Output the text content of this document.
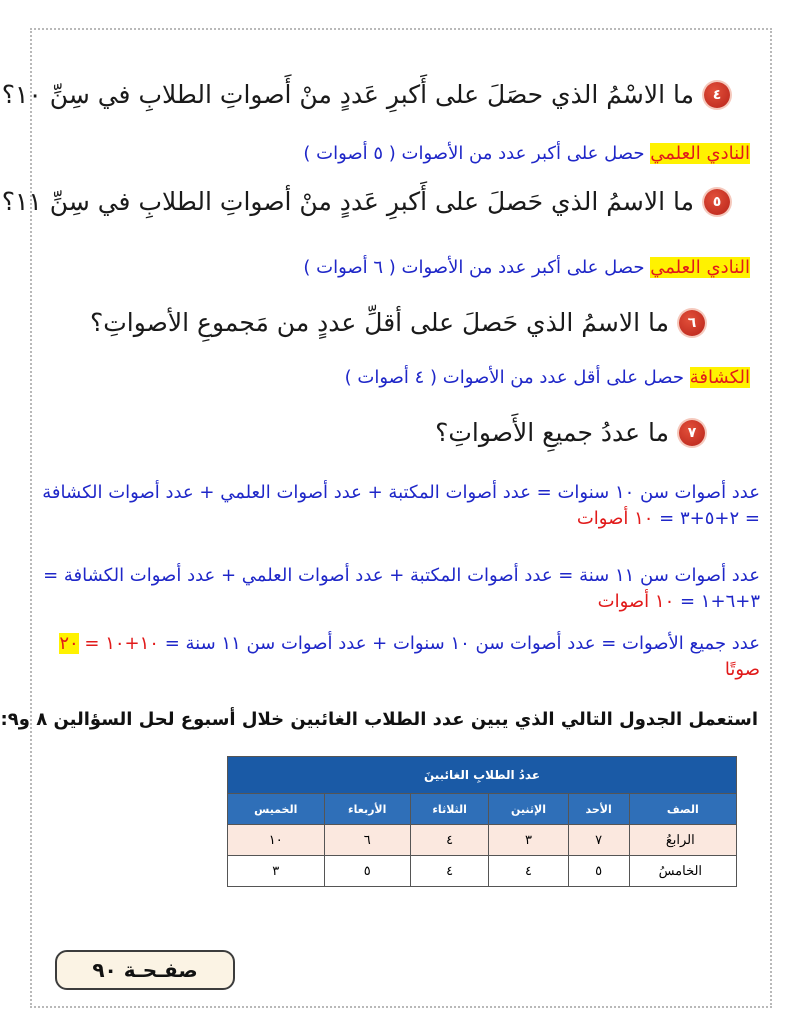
٤
ما الاسْمُ الذي حصَلَ على أَكبرِ عَددٍ منْ أَصواتِ الطلابِ في سِنِّ ١٠؟
النادي العلمي حصل على أكبر عدد من الأصوات ( ٥ أصوات )
٥
ما الاسمُ الذي حَصلَ على أَكبرِ عَددٍ منْ أصواتِ الطلابِ في سِنِّ ١١؟
النادي العلمي حصل على أكبر عدد من الأصوات ( ٦ أصوات )
٦
ما الاسمُ الذي حَصلَ على أقلِّ عددٍ من مَجموعِ الأصواتِ؟
الكشافة حصل على أقل عدد من الأصوات ( ٤ أصوات )
٧
ما عددُ جميعِ الأَصواتِ؟
عدد أصوات سن ١٠ سنوات = عدد أصوات المكتبة + عدد أصوات العلمي + عدد أصوات الكشافة = ٢+٥+٣ = ١٠ أصوات
عدد أصوات سن ١١ سنة = عدد أصوات المكتبة + عدد أصوات العلمي + عدد أصوات الكشافة = ٣+٦+١ = ١٠ أصوات
عدد جميع الأصوات = عدد أصوات سن ١٠ سنوات + عدد أصوات سن ١١ سنة = ١٠+١٠ = ٢٠ صوتًا
استعمل الجدول التالي الذي يبين عدد الطلاب الغائبين خلال أسبوع لحل السؤالين ٨ و٩:
عددُ الطلابِ الغائبينَ					
الصف	الأحد	الإثنين	الثلاثاء	الأربعاء	الخميس
الرابعُ	٧	٣	٤	٦	١٠
الخامسُ	٥	٤	٤	٥	٣
صفـحـة ٩٠
